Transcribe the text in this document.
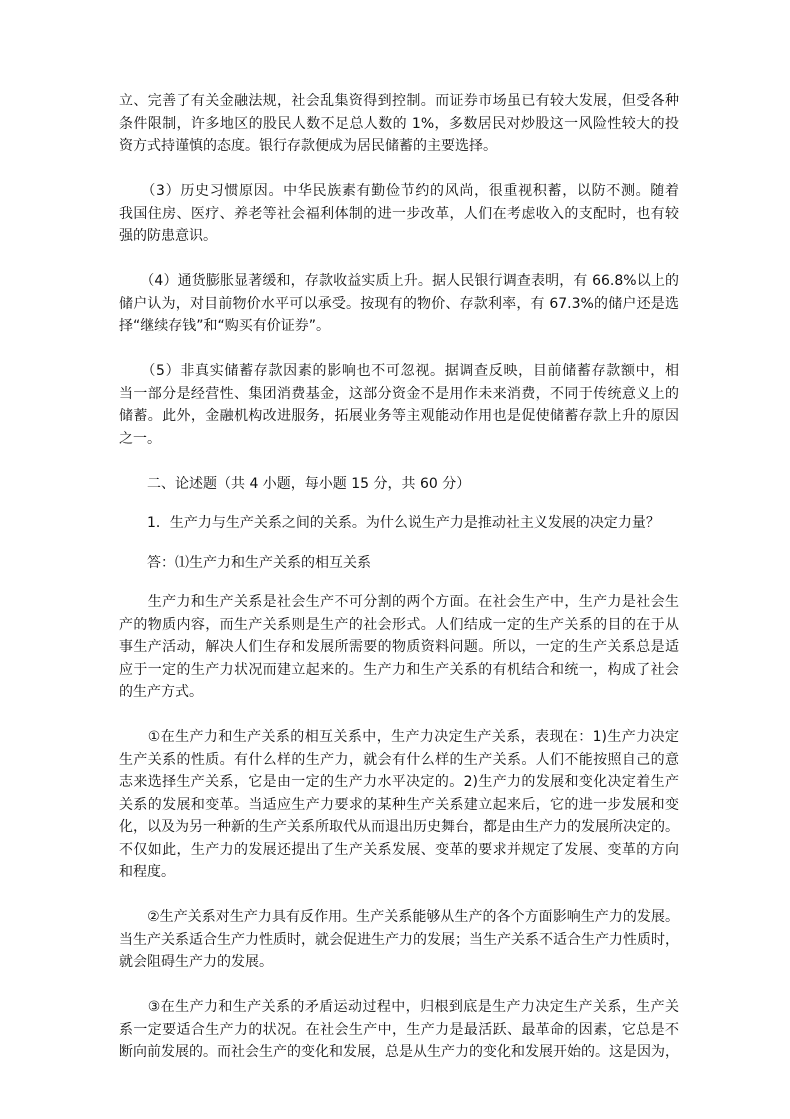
立、完善了有关金融法规，社会乱集资得到控制。而证券市场虽已有较大发展，但受各种
条件限制，许多地区的股民人数不足总人数的 1%，多数居民对炒股这一风险性较大的投
资方式持谨慎的态度。银行存款便成为居民储蓄的主要选择。
　　（3）历史习惯原因。中华民族素有勤俭节约的风尚，很重视积蓄，以防不测。随着
我国住房、医疗、养老等社会福利体制的进一步改革，人们在考虑收入的支配时，也有较
强的防患意识。
　　（4）通货膨胀显著缓和，存款收益实质上升。据人民银行调查表明，有 66.8%以上的
储户认为，对目前物价水平可以承受。按现有的物价、存款利率，有 67.3%的储户还是选
择“继续存钱”和“购买有价证券”。
　　（5）非真实储蓄存款因素的影响也不可忽视。据调查反映，目前储蓄存款额中，相
当一部分是经营性、集团消费基金，这部分资金不是用作未来消费，不同于传统意义上的
储蓄。此外，金融机构改进服务，拓展业务等主观能动作用也是促使储蓄存款上升的原因
之一。
　　二、论述题（共 4 小题，每小题 15 分，共 60 分）
　　1．生产力与生产关系之间的关系。为什么说生产力是推动社主义发展的决定力量？
　　答：⑴生产力和生产关系的相互关系
　　生产力和生产关系是社会生产不可分割的两个方面。在社会生产中，生产力是社会生
产的物质内容，而生产关系则是生产的社会形式。人们结成一定的生产关系的目的在于从
事生产活动，解决人们生存和发展所需要的物质资料问题。所以，一定的生产关系总是适
应于一定的生产力状况而建立起来的。生产力和生产关系的有机结合和统一，构成了社会
的生产方式。
　　①在生产力和生产关系的相互关系中，生产力决定生产关系，表现在：1)生产力决定
生产关系的性质。有什么样的生产力，就会有什么样的生产关系。人们不能按照自己的意
志来选择生产关系，它是由一定的生产力水平决定的。2)生产力的发展和变化决定着生产
关系的发展和变革。当适应生产力要求的某种生产关系建立起来后，它的进一步发展和变
化，以及为另一种新的生产关系所取代从而退出历史舞台，都是由生产力的发展所决定的。
不仅如此，生产力的发展还提出了生产关系发展、变革的要求并规定了发展、变革的方向
和程度。
　　②生产关系对生产力具有反作用。生产关系能够从生产的各个方面影响生产力的发展。
当生产关系适合生产力性质时，就会促进生产力的发展；当生产关系不适合生产力性质时，
就会阻碍生产力的发展。
　　③在生产力和生产关系的矛盾运动过程中，归根到底是生产力决定生产关系，生产关
系一定要适合生产力的状况。在社会生产中，生产力是最活跃、最革命的因素，它总是不
断向前发展的。而社会生产的变化和发展，总是从生产力的变化和发展开始的。这是因为，
